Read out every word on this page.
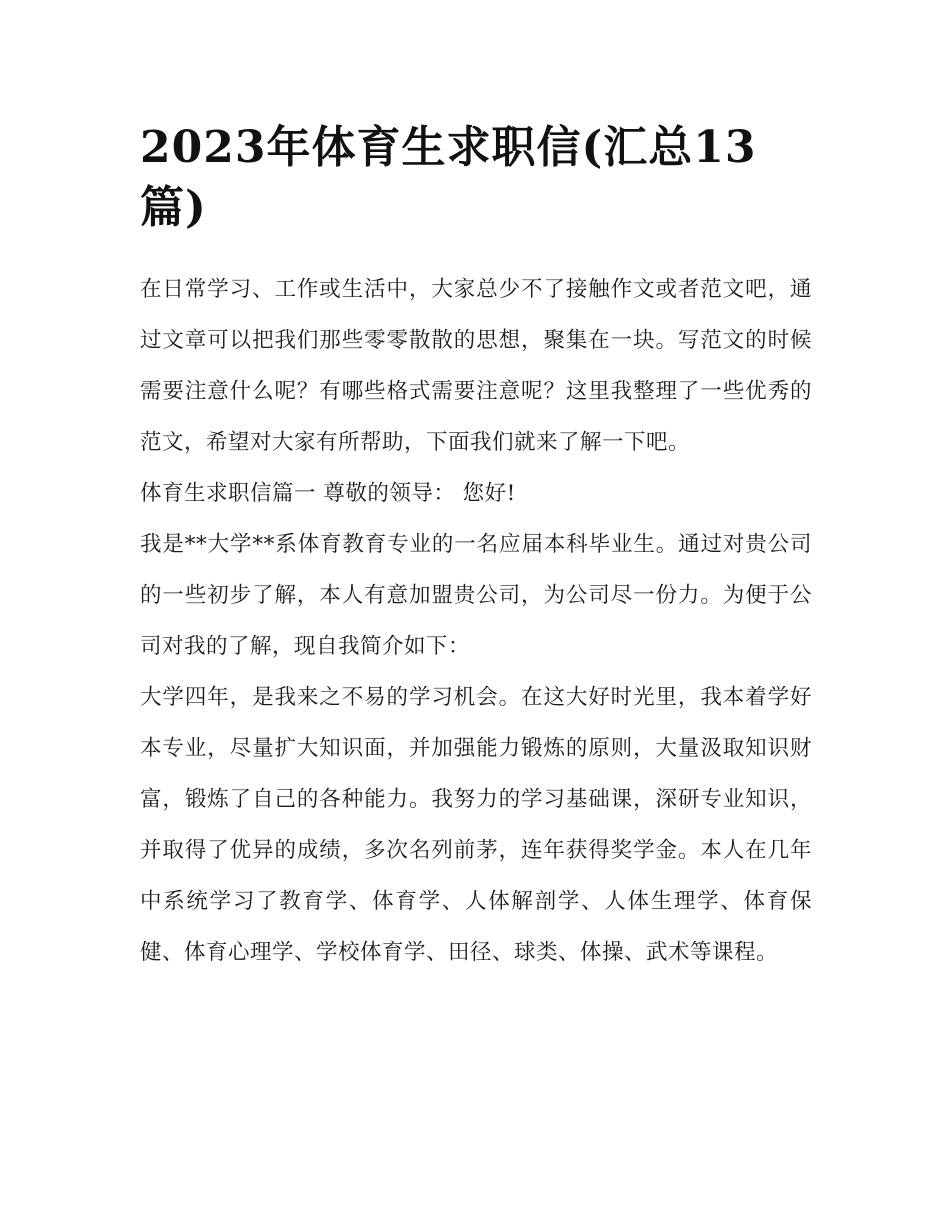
2023年体育生求职信(汇总13篇)

在日常学习、工作或生活中，大家总少不了接触作文或者范文吧，通过文章可以把我们那些零零散散的思想，聚集在一块。写范文的时候需要注意什么呢？有哪些格式需要注意呢？这里我整理了一些优秀的范文，希望对大家有所帮助，下面我们就来了解一下吧。

体育生求职信篇一 尊敬的领导： 您好!

我是**大学**系体育教育专业的一名应届本科毕业生。通过对贵公司的一些初步了解，本人有意加盟贵公司，为公司尽一份力。为便于公司对我的了解，现自我简介如下：

大学四年，是我来之不易的学习机会。在这大好时光里，我本着学好本专业，尽量扩大知识面，并加强能力锻炼的原则，大量汲取知识财富，锻炼了自己的各种能力。我努力的学习基础课，深研专业知识，并取得了优异的成绩，多次名列前茅，连年获得奖学金。本人在几年中系统学习了教育学、体育学、人体解剖学、人体生理学、体育保健、体育心理学、学校体育学、田径、球类、体操、武术等课程。
